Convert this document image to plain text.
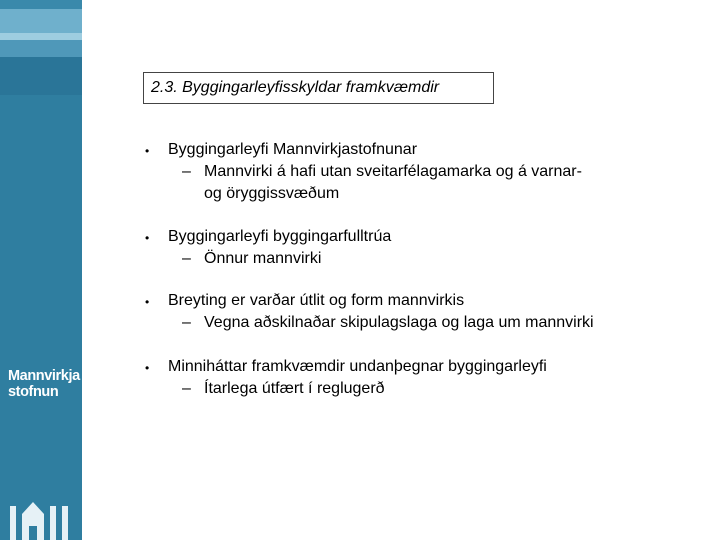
Mannvirkja
stofnun
2.3. Byggingarleyfisskyldar framkvæmdir
• Byggingarleyfi Mannvirkjastofnunar
– Mannvirki á hafi utan sveitarfélagamarka og á varnar-
og öryggissvæðum
• Byggingarleyfi byggingarfulltrúa
– Önnur mannvirki
• Breyting er varðar útlit og form mannvirkis
– Vegna aðskilnaðar skipulagslaga og laga um mannvirki
• Minniháttar framkvæmdir undanþegnar byggingarleyfi
– Ítarlega útfært í reglugerð
